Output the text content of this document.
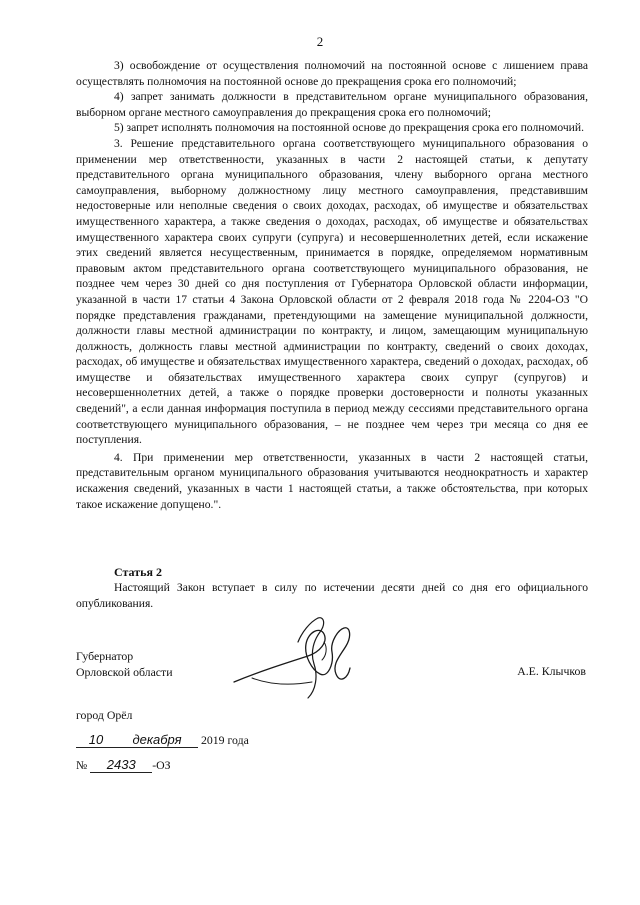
2

3) освобождение от осуществления полномочий на постоянной основе с лишением права осуществлять полномочия на постоянной основе до прекращения срока его полномочий;

4) запрет занимать должности в представительном органе муниципального образования, выборном органе местного самоуправления до прекращения срока его полномочий;

5) запрет исполнять полномочия на постоянной основе до прекращения срока его полномочий.

3. Решение представительного органа соответствующего муниципального образования о применении мер ответственности, указанных в части 2 настоящей статьи, к депутату представительного органа муниципального образования, члену выборного органа местного самоуправления, выборному должностному лицу местного самоуправления, представившим недостоверные или неполные сведения о своих доходах, расходах, об имуществе и обязательствах имущественного характера, а также сведения о доходах, расходах, об имуществе и обязательствах имущественного характера своих супруги (супруга) и несовершеннолетних детей, если искажение этих сведений является несущественным, принимается в порядке, определяемом нормативным правовым актом представительного органа соответствующего муниципального образования, не позднее чем через 30 дней со дня поступления от Губернатора Орловской области информации, указанной в части 17 статьи 4 Закона Орловской области от 2 февраля 2018 года № 2204-ОЗ "О порядке представления гражданами, претендующими на замещение муниципальной должности, должности главы местной администрации по контракту, и лицом, замещающим муниципальную должность, должность главы местной администрации по контракту, сведений о своих доходах, расходах, об имуществе и обязательствах имущественного характера, сведений о доходах, расходах, об имуществе и обязательствах имущественного характера своих супруг (супругов) и несовершеннолетних детей, а также о порядке проверки достоверности и полноты указанных сведений", а если данная информация поступила в период между сессиями представительного органа соответствующего муниципального образования, – не позднее чем через три месяца со дня ее поступления.

4. При применении мер ответственности, указанных в части 2 настоящей статьи, представительным органом муниципального образования учитываются неоднократность и характер искажения сведений, указанных в части 1 настоящей статьи, а также обстоятельства, при которых такое искажение допущено.".

Статья 2
Настоящий Закон вступает в силу по истечении десяти дней со дня его официального опубликования.
Губернатор
Орловской области	А.Е. Клычков
город Орёл
10 декабря 2019 года
№ 2433 -ОЗ
